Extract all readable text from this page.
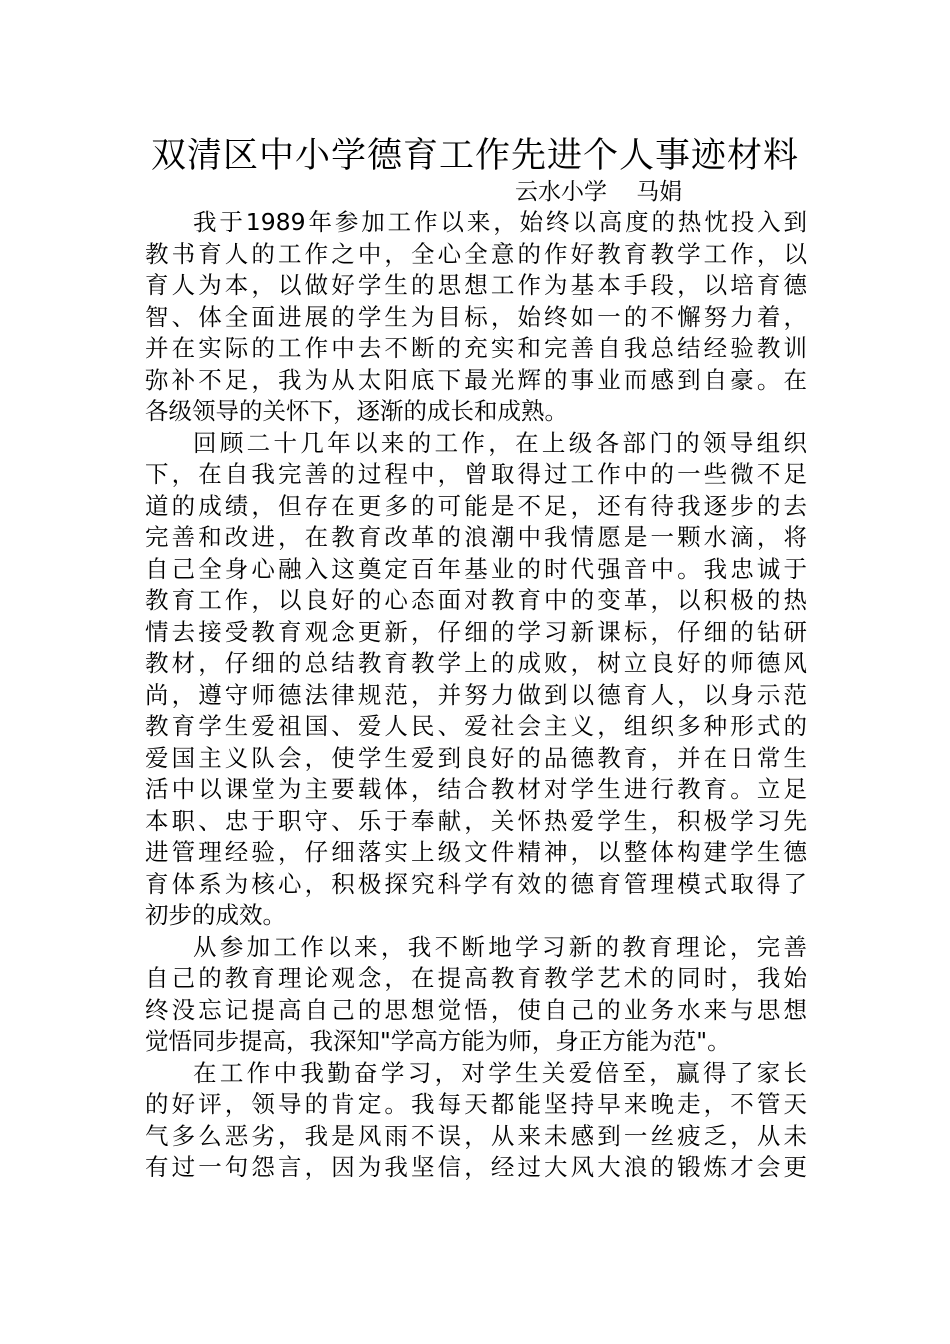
双清区中小学德育工作先进个人事迹材料
云水小学    马娟
我于1989年参加工作以来，始终以高度的热忱投入到
教书育人的工作之中，全心全意的作好教育教学工作，以
育人为本，以做好学生的思想工作为基本手段，以培育德
智、体全面进展的学生为目标，始终如一的不懈努力着，
并在实际的工作中去不断的充实和完善自我总结经验教训
弥补不足，我为从太阳底下最光辉的事业而感到自豪。在
各级领导的关怀下，逐渐的成长和成熟。
回顾二十几年以来的工作，在上级各部门的领导组织
下，在自我完善的过程中，曾取得过工作中的一些微不足
道的成绩，但存在更多的可能是不足，还有待我逐步的去
完善和改进，在教育改革的浪潮中我情愿是一颗水滴，将
自己全身心融入这奠定百年基业的时代强音中。我忠诚于
教育工作，以良好的心态面对教育中的变革，以积极的热
情去接受教育观念更新，仔细的学习新课标，仔细的钻研
教材，仔细的总结教育教学上的成败，树立良好的师德风
尚，遵守师德法律规范，并努力做到以德育人，以身示范
教育学生爱祖国、爱人民、爱社会主义，组织多种形式的
爱国主义队会，使学生爱到良好的品德教育，并在日常生
活中以课堂为主要载体，结合教材对学生进行教育。立足
本职、忠于职守、乐于奉献，关怀热爱学生，积极学习先
进管理经验，仔细落实上级文件精神，以整体构建学生德
育体系为核心，积极探究科学有效的德育管理模式取得了
初步的成效。
从参加工作以来，我不断地学习新的教育理论，完善
自己的教育理论观念，在提高教育教学艺术的同时，我始
终没忘记提高自己的思想觉悟，使自己的业务水来与思想
觉悟同步提高，我深知"学高方能为师，身正方能为范"。
在工作中我勤奋学习，对学生关爱倍至，赢得了家长
的好评，领导的肯定。我每天都能坚持早来晚走，不管天
气多么恶劣，我是风雨不误，从来未感到一丝疲乏，从未
有过一句怨言，因为我坚信，经过大风大浪的锻炼才会更
